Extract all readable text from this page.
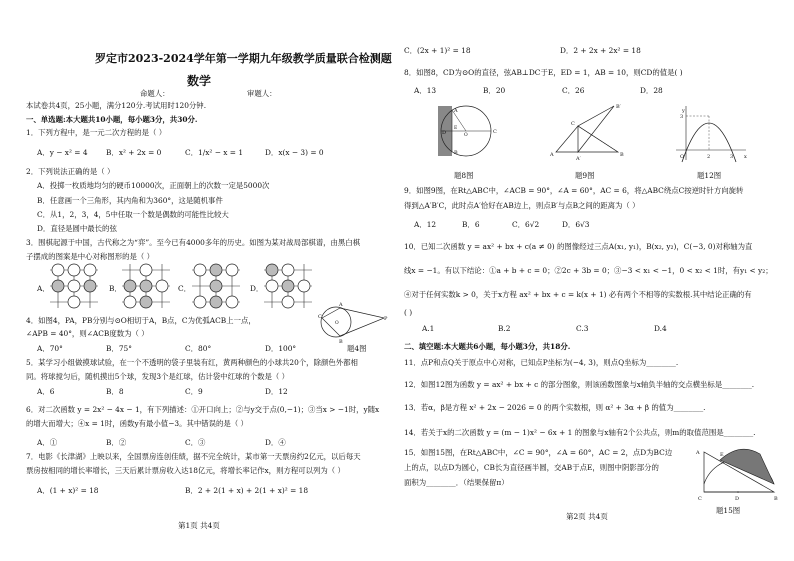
罗定市2023-2024学年第一学期九年级教学质量联合检测题
数学
命题人：	审题人：
本试卷共4页，25小题，满分120分.考试用时120分钟.
一、单选题:本大题共10小题，每小题3分，共30分.
1．下列方程中，是一元二次方程的是（ ）
A．y − x² = 4 B．x² + 2x = 0	C．1/x² − x = 1	D．x(x − 3) = 0
2．下列说法正确的是（ ）
A．投掷一枚质地均匀的硬币10000次，正面朝上的次数一定是5000次
B．任意画一个三角形，其内角和为360°，这是随机事件
C．从1，2，3，4，5中任取一个数是偶数的可能性比较大
D．直径是圆中最长的弦
3．围棋起源于中国，古代称之为“弈”。至今已有4000多年的历史。如图为某对战局部棋谱，由黑白棋
子摆成的图案是中心对称图形的是（ ）
A．	B．	C．	D．
4．如图4，PA，PB分别与⊙O相切于A，B点，C为优弧ACB上一点，
∠APB = 40°，则∠ACB度数为（ ）
A．70°	B．75°	C．80°	D．100°
C
A
B
P
O
题4图
5．某学习小组做摸球试验，在一个不透明的袋子里装有红，黄两种颜色的小球共20个，除颜色外都相
同。将球搅匀后，随机摸出5个球，发现3个是红球，估计袋中红球的个数是（ ）
A．6	B．8	C．9	D．12
6．对二次函数 y = 2x² − 4x − 1，有下列描述：①开口向上；②与y交于点(0,−1)；③当x > −1时，y随x
的增大而增大；④x = 1时，函数y有最小值−3。其中错误的是（ ）
A．①	B．②	C．③	D．④
7．电影《长津湖》上映以来，全国票房连创佳绩，据不完全统计，某市第一天票房约2亿元，以后每天
票房按相同的增长率增长，三天后累计票房收入达18亿元，将增长率记作x，则方程可以列为（ ）
A．(1 + x)² = 18	B．2 + 2(1 + x) + 2(1 + x)² = 18
第1页 共4页
C．(2x + 1)² = 18	D．2 + 2x + 2x² = 18
8．如图8，CD为⊙O的直径，弦AB⊥DC于E，ED = 1，AB = 10，则CD的值是( )
A．13	B．20	C．26	D．28
D	C
A
B
O
E
题8图
A	B
C
B′
A′
题9图
O	x
y
3
2	3
题12图
9．如图9图，在Rt△ABC中，∠ACB = 90°，∠A = 60°，AC = 6，将△ABC绕点C按逆时针方向旋转
得到△A′B′C，此时点A′恰好在AB边上，则点B′与点B之间的距离为（ ）
A．12	B．6	C．6√2	D．6√3
10．已知二次函数 y = ax² + bx + c(a ≠ 0) 的图像经过三点A(x₁, y₁)，B(x₂, y₂)，C(−3, 0)对称轴为直
线x = −1。有以下结论：①a + b + c = 0；②2c + 3b = 0；③−3 < x₁ < −1，0 < x₂ < 1时，有y₁ < y₂；
④对于任何实数k > 0，关于x方程 ax² + bx + c = k(x + 1) 必有两个不相等的实数根.其中结论正确的有
( )
A.1	B.2	C.3	D.4
二、填空题:本大题共6小题，每小题3分，共18分.
11．点P和点Q关于原点中心对称，已知点P坐标为(−4, 3)，则点Q坐标为________.
12．如图12图为函数 y = ax² + bx + c 的部分图象，则该函数图象与x轴负半轴的交点横坐标是________.
13．若α，β是方程 x² + 2x − 2026 = 0 的两个实数根，则 α² + 3α + β 的值为________.
14．若关于x的二次函数 y = (m − 1)x² − 6x + 1 的图象与x轴有2个公共点，则m的取值范围是________.
15．如图15图，在Rt△ABC中，∠C = 90°，∠A = 60°，AC = 2，点D为BC边
上的点，以点D为圆心，CB长为直径画半圆，交AB于点E，则图中阴影部分的
面积为________．（结果保留π）
A
C	B
D
E
题15图
第2页 共4页
